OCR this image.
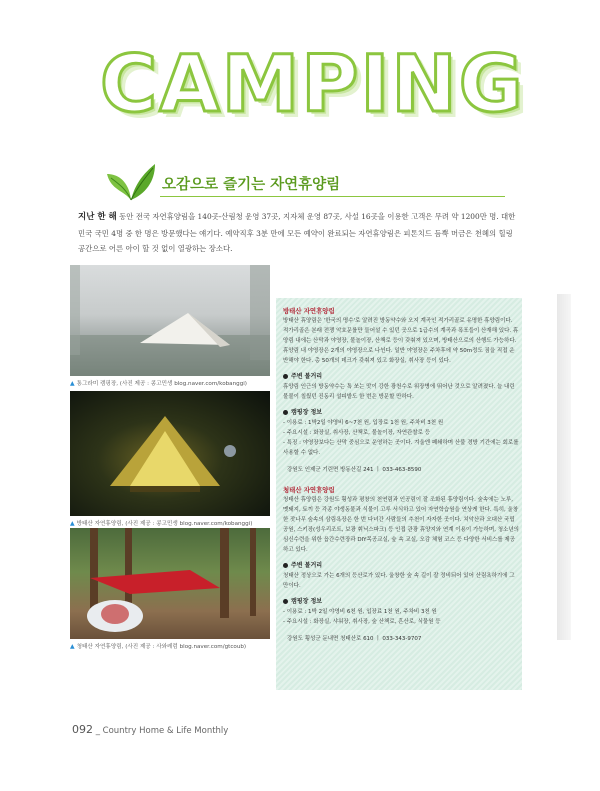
CAMPING
오감으로 즐기는 자연휴양림
지난 한 해 동안 전국 자연휴양림을 140곳-산림청 운영 37곳, 지자체 운영 87곳, 사설 16곳을 이용한 고객은 무려 약 1200만 명. 대한민국 국민 4명 중 한 명은 방문했다는 얘기다. 예약직후 3분 만에 모든 예약이 완료되는 자연휴양림은 피톤치드 듬뿍 머금은 천혜의 힐링 공간으로 어른 아이 할 것 없이 열광하는 장소다.
▲ 통그라미 캠핑장, (사진 제공 : 콩고민생 blog.naver.com/kobanggi)
▲ 방태산 자연휴양림, (사진 제공 : 콩고민생 blog.naver.com/kobanggi)
▲ 청태산 자연휴양림, (사진 제공 : 사와레럼 blog.naver.com/gtcoub)
방태산 자연휴양림

방태산 휴양림은 '한국의 명수'로 알려진 방동약수와 오지 계곡인 적가리골로 유명한 휴양림이다. 적가리골은 본래 전쟁 악호문를만 들어설 수 있던 곳으로 1급수의 계곡과 폭포들이 산재해 있다. 휴양림 내에는 산막과 야영장, 물놀이장, 산책로 등이 갖춰져 있으며, 방태산으로의 산행도 가능하다. 휴양림 내 야영장은 2개의 야영장으로 나뉜다. 일반 야영장은 주차후에 약 50m정도 짐을 직접 운반해야 한다. 총 50개의 데크가 갖춰져 있고 화장실, 취사장 등이 있다.

주변 볼거리

휴양림 인근의 방동약수는 톡 쏘는 맛이 강한 광천수로 위장병에 뛰어난 것으로 알려졌다. 늘 내린 물물이 칠웠던 진동리 설피밭도 한 번은 방문할 만하다.

캠핑장 정보

- 이용료 : 1박2일 야영비 6~7천 원, 입장료 1천 원, 주차비 3천 원

- 주요시설 : 화장실, 취사장, 산책로, 물놀이장, 자연관찰로 등

- 특징 : 야영장보다는 산막 중심으로 운영하는 곳이다. 겨울엔 폐쇄하며 산불 경방 기간에는 회로를 사용할 수 없다.

강원도 인제군 기린면 방동산길 241 ㅣ 033-463-8590

청태산 자연휴양림

청태산 휴양림은 강원도 횡성과 평창의 천연림과 인공림이 잘 조화된 휴양림이다. 숲속에는 노루, 멧돼지, 토끼 등 각종 야생동물과 식물이 고루 서식하고 있어 자연학습원을 연상케 한다. 특히, 울창한 잣나무 숲속의 삼림욕장은 한 번 다녀간 사람들의 추천이 자자한 곳이다. 치악산과 오대산 국립공원, 스키장(성우리조트, 보광 휘닉스파크) 등 인접 관광 휴양지와 연계 이용이 가능하며, 청소년의 심신수련을 위한 읍간수련장과 DIY목공교실, 숲 속 교실, 오감 체험 코스 등 다양한 서비스를 제공하고 있다.

주변 볼거리

청태산 정상으로 가는 6개의 등산로가 있다. 울창한 숲 속 길이 잘 정비되어 있어 산림욕하기에 그만이다.

캠핑장 정보

- 이용료 : 1박 2일 야영비 6천 원, 입장료 1천 원, 주차비 3천 원

- 주요시설 : 화장실, 샤워장, 취사장, 숲 산책로, 흔산로, 식물원 등

강원도 횡성군 둔내면 청태산로 610 ㅣ 033-343-9707

092 _ Country Home & Life Monthly
